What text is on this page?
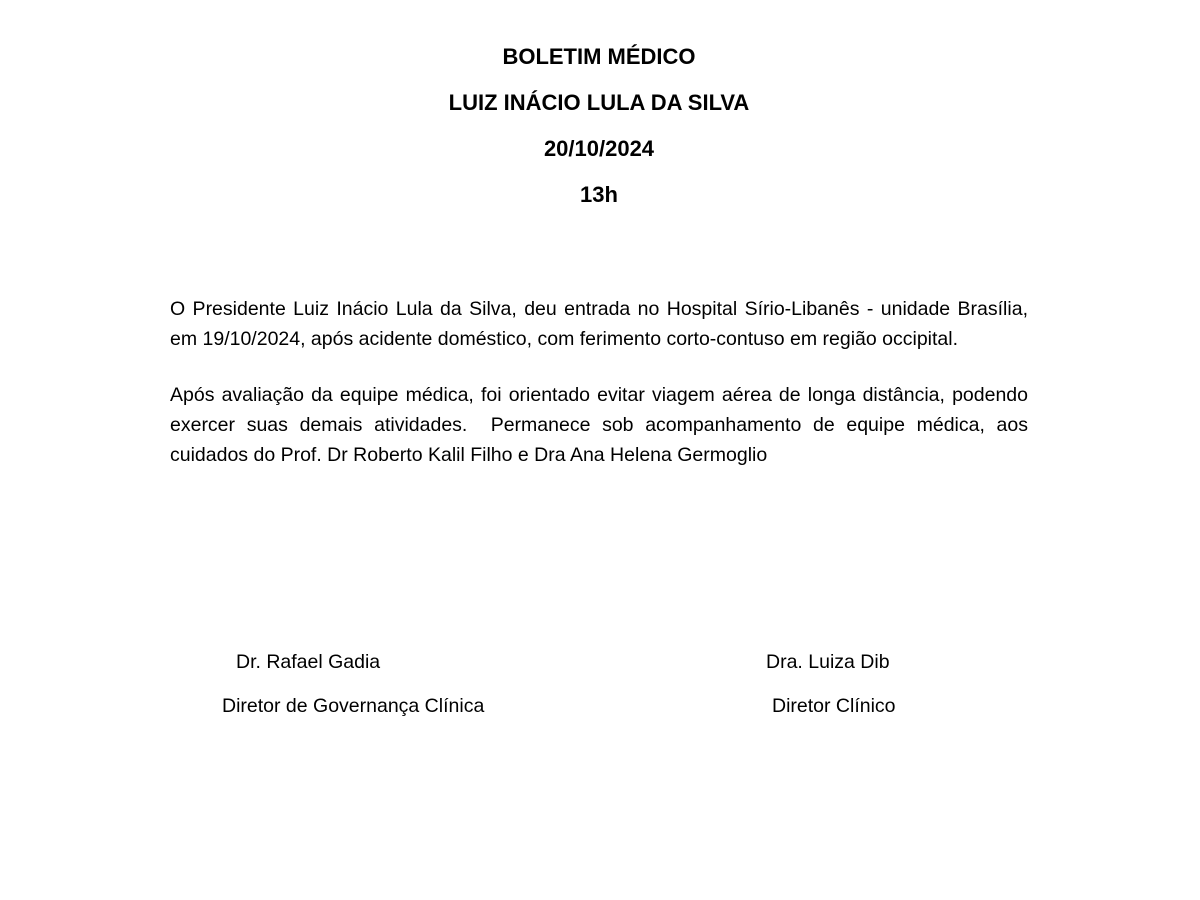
BOLETIM MÉDICO

LUIZ INÁCIO LULA DA SILVA

20/10/2024

13h

O Presidente Luiz Inácio Lula da Silva, deu entrada no Hospital Sírio-Libanês - unidade Brasília, em 19/10/2024, após acidente doméstico, com ferimento corto-contuso em região occipital.

Após avaliação da equipe médica, foi orientado evitar viagem aérea de longa distância, podendo exercer suas demais atividades.  Permanece sob acompanhamento de equipe médica, aos cuidados do Prof. Dr Roberto Kalil Filho e Dra Ana Helena Germoglio

Dr. Rafael Gadia
Diretor de Governança Clínica
Dra. Luiza Dib
Diretor Clínico
